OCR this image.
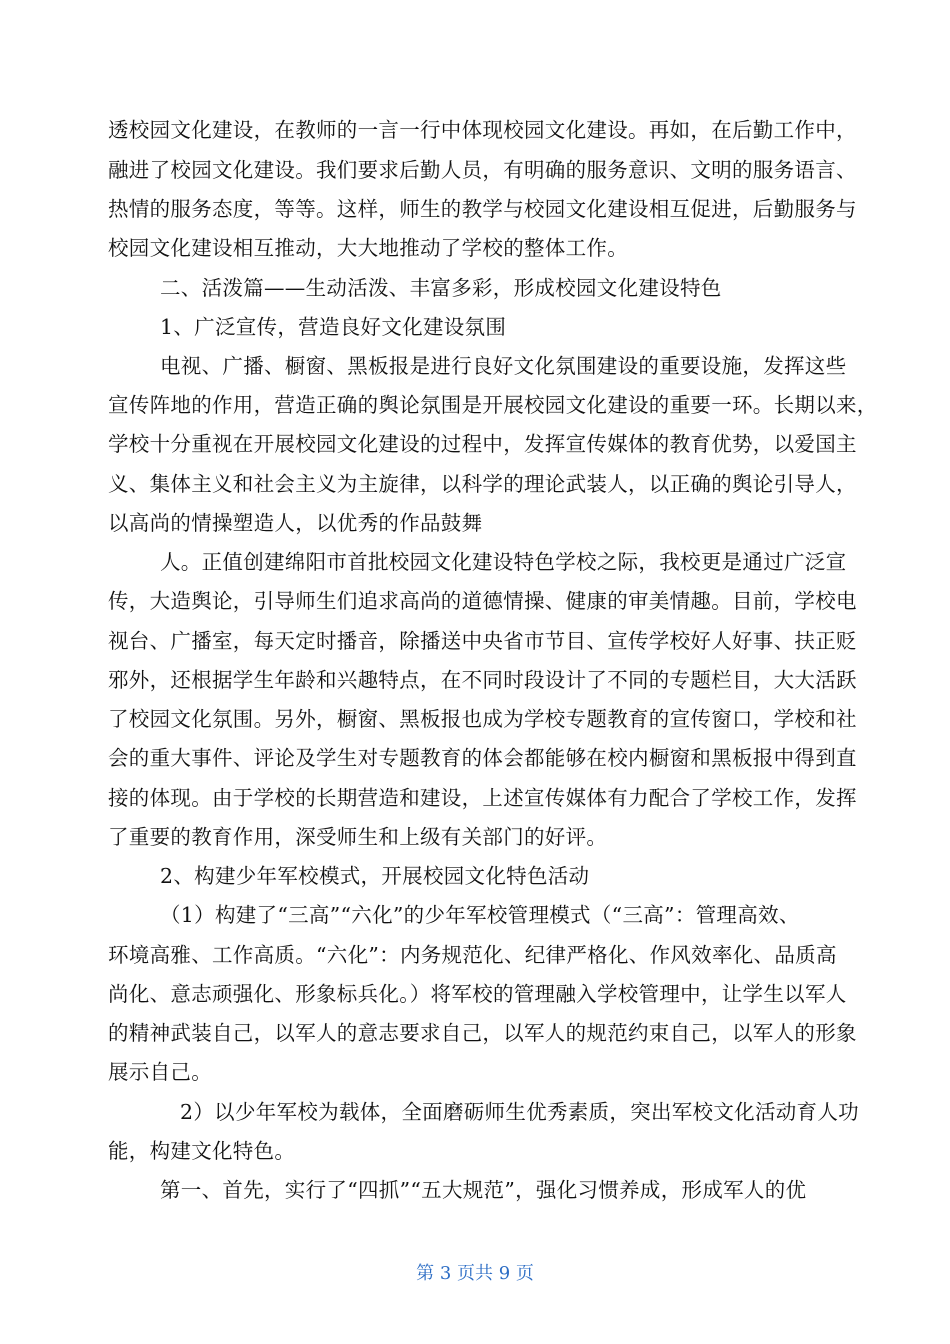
透校园文化建设，在教师的一言一行中体现校园文化建设。再如，在后勤工作中，
融进了校园文化建设。我们要求后勤人员，有明确的服务意识、文明的服务语言、
热情的服务态度，等等。这样，师生的教学与校园文化建设相互促进，后勤服务与
校园文化建设相互推动，大大地推动了学校的整体工作。
二、活泼篇——生动活泼、丰富多彩，形成校园文化建设特色
1、广泛宣传，营造良好文化建设氛围
电视、广播、橱窗、黑板报是进行良好文化氛围建设的重要设施，发挥这些
宣传阵地的作用，营造正确的舆论氛围是开展校园文化建设的重要一环。长期以来，
学校十分重视在开展校园文化建设的过程中，发挥宣传媒体的教育优势，以爱国主
义、集体主义和社会主义为主旋律，以科学的理论武装人，以正确的舆论引导人，
以高尚的情操塑造人，以优秀的作品鼓舞
人。正值创建绵阳市首批校园文化建设特色学校之际，我校更是通过广泛宣
传，大造舆论，引导师生们追求高尚的道德情操、健康的审美情趣。目前，学校电
视台、广播室，每天定时播音，除播送中央省市节目、宣传学校好人好事、扶正贬
邪外，还根据学生年龄和兴趣特点，在不同时段设计了不同的专题栏目，大大活跃
了校园文化氛围。另外，橱窗、黑板报也成为学校专题教育的宣传窗口，学校和社
会的重大事件、评论及学生对专题教育的体会都能够在校内橱窗和黑板报中得到直
接的体现。由于学校的长期营造和建设，上述宣传媒体有力配合了学校工作，发挥
了重要的教育作用，深受师生和上级有关部门的好评。
2、构建少年军校模式，开展校园文化特色活动
（1）构建了“三高”“六化”的少年军校管理模式（“三高”：管理高效、
环境高雅、工作高质。“六化”：内务规范化、纪律严格化、作风效率化、品质高
尚化、意志顽强化、形象标兵化。）将军校的管理融入学校管理中，让学生以军人
的精神武装自己，以军人的意志要求自己，以军人的规范约束自己，以军人的形象
展示自己。
2）以少年军校为载体，全面磨砺师生优秀素质，突出军校文化活动育人功
能，构建文化特色。
第一、首先，实行了“四抓”“五大规范”，强化习惯养成，形成军人的优
第 3 页共 9 页
